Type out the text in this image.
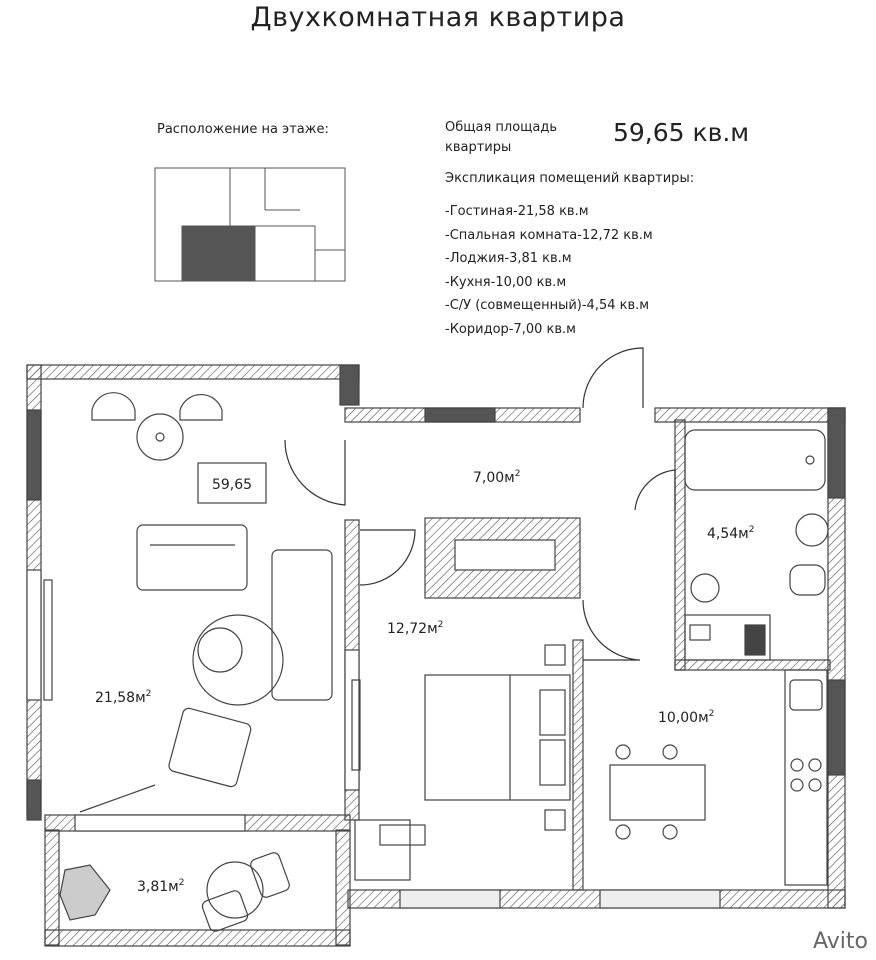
Двухкомнатная квартира
Расположение на этаже:	Общая площадь квартиры
59,65 кв.м
Экспликация помещений квартиры:
-Гостиная-21,58 кв.м
-Спальная комната-12,72 кв.м
-Лоджия-3,81 кв.м
-Кухня-10,00 кв.м
-С/У (совмещенный)-4,54 кв.м
-Коридор-7,00 кв.м
59,65	$7,00м^2$
$4,54м^2$
$12,72м^2$
$21,58м^2$
$10,00м^2$
$3,81м^2$
Avito
